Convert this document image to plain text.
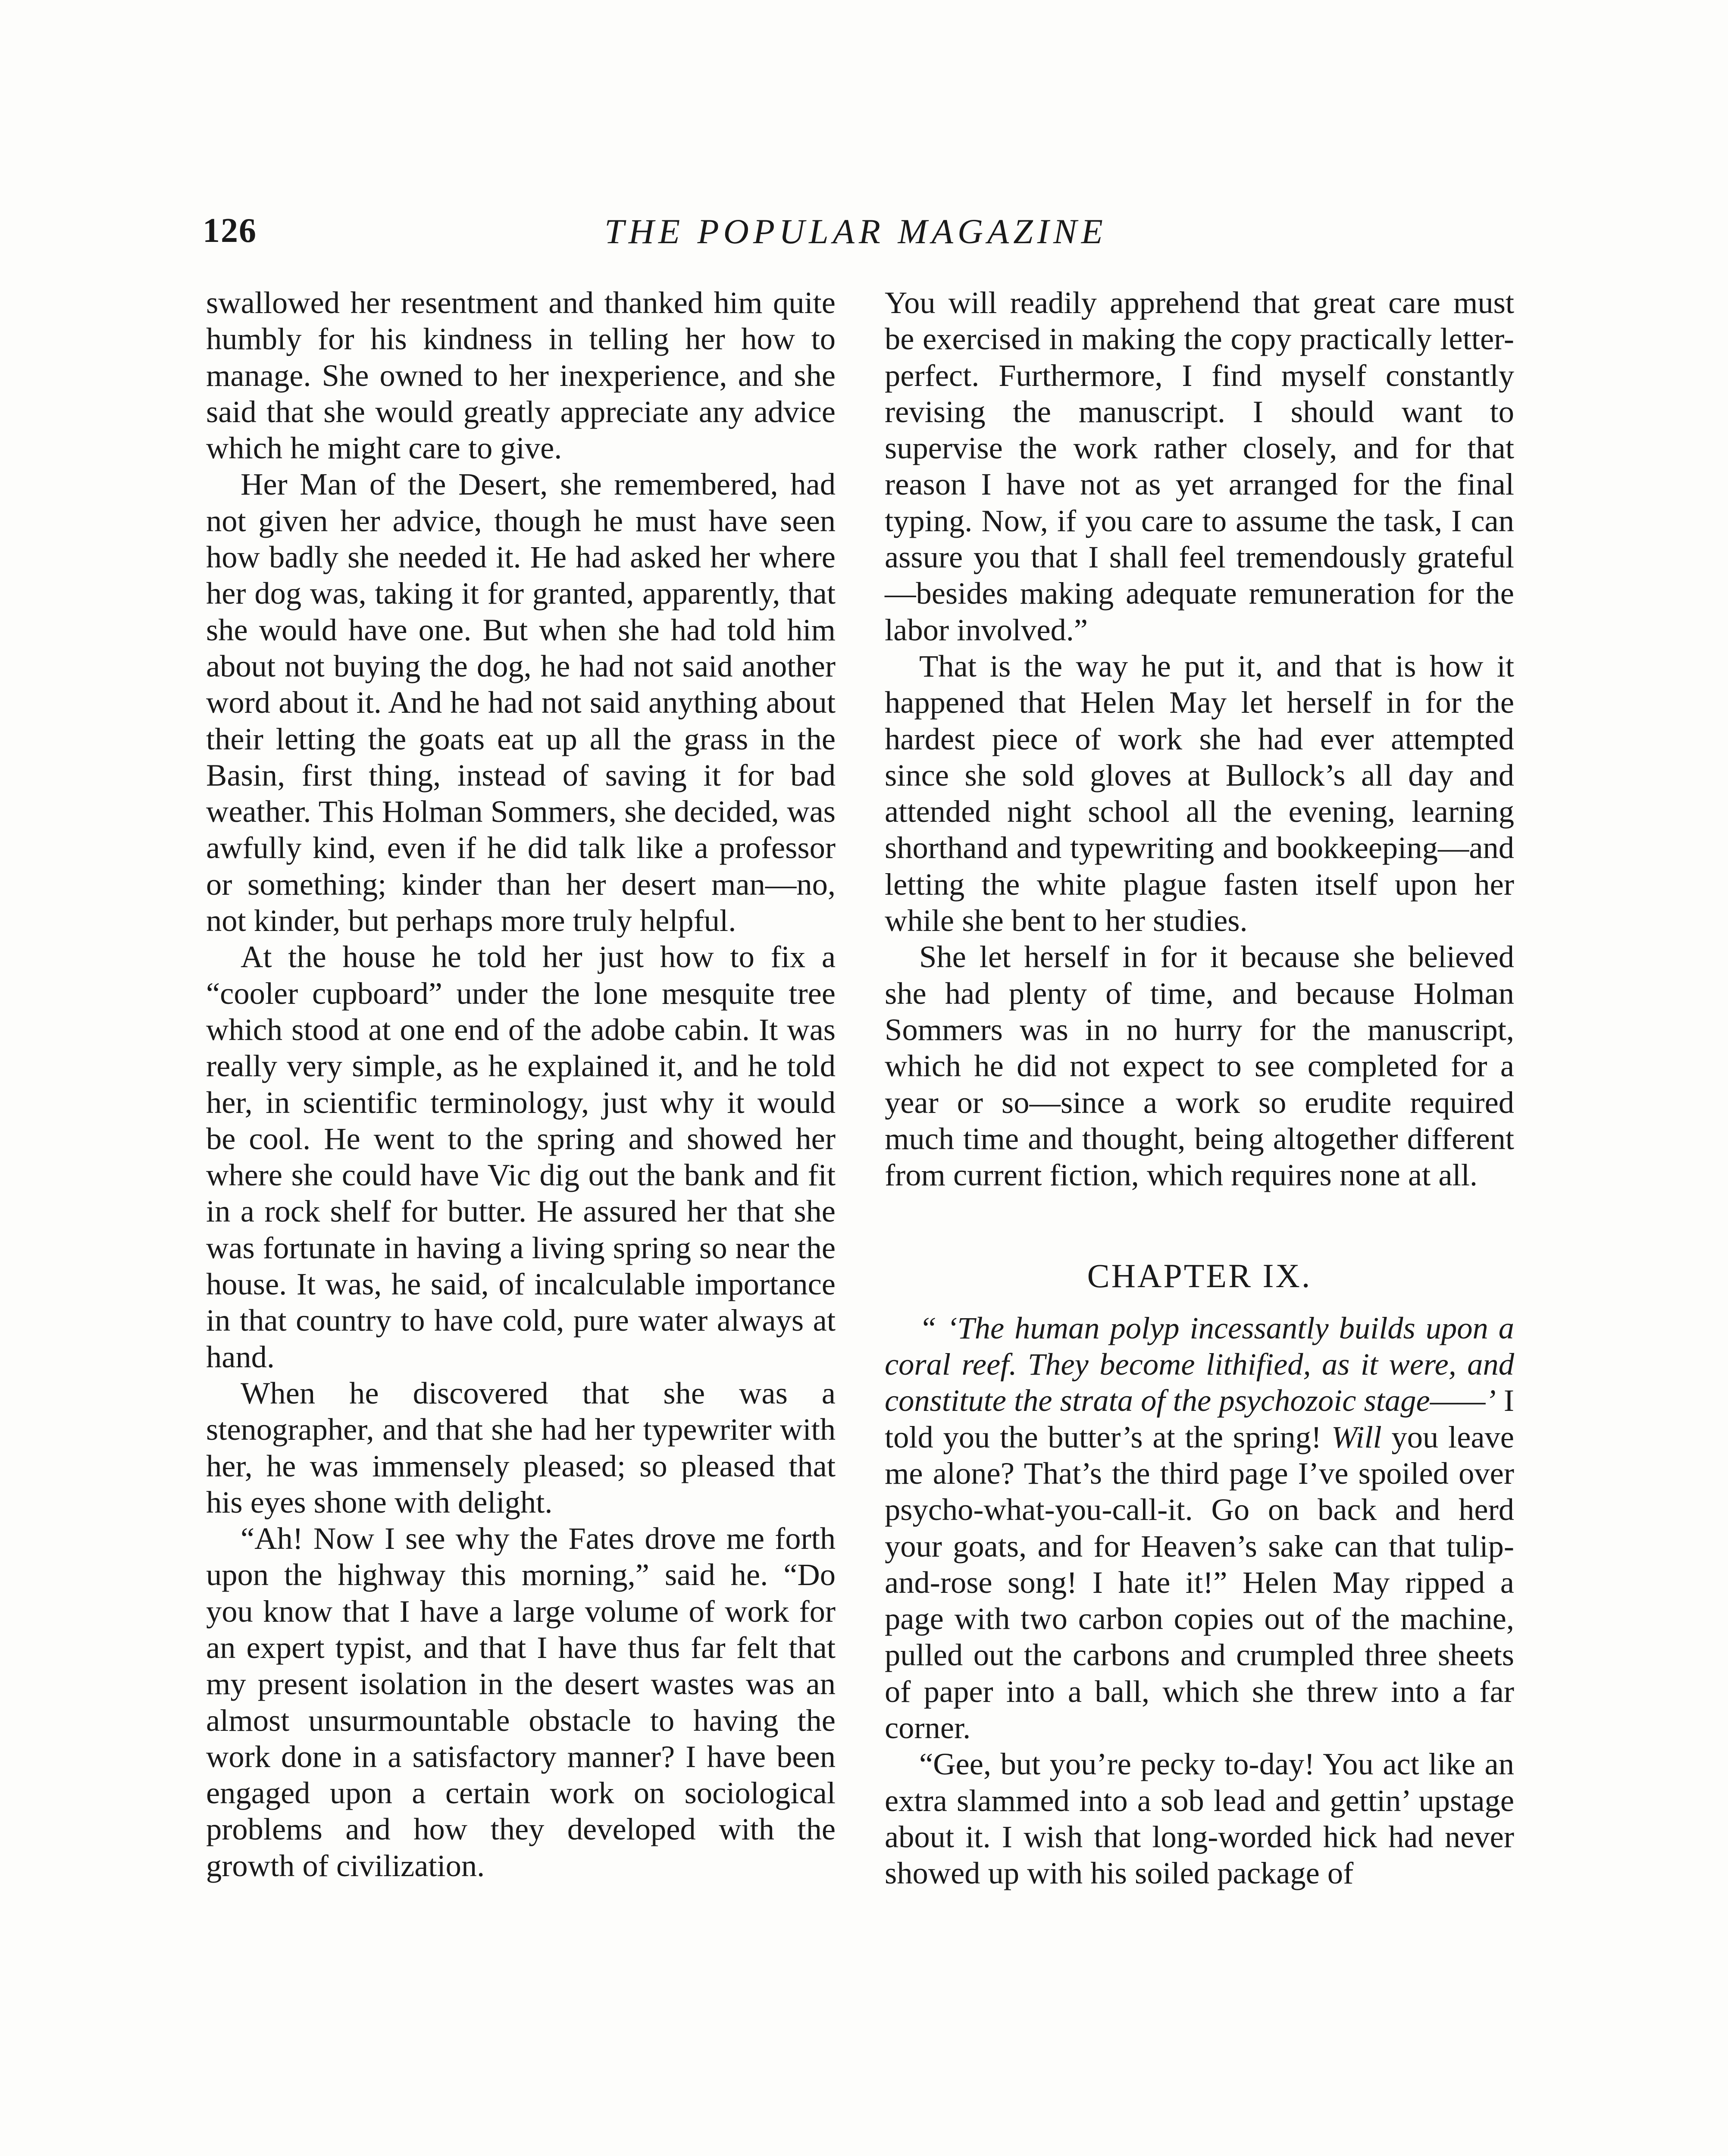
126	THE POPULAR MAGAZINE

swallowed her resentment and thanked him quite humbly for his kindness in telling her how to manage. She owned to her inexperience, and she said that she would greatly appreciate any advice which he might care to give.

Her Man of the Desert, she remembered, had not given her advice, though he must have seen how badly she needed it. He had asked her where her dog was, taking it for granted, apparently, that she would have one. But when she had told him about not buying the dog, he had not said another word about it. And he had not said anything about their letting the goats eat up all the grass in the Basin, first thing, instead of saving it for bad weather. This Holman Sommers, she decided, was awfully kind, even if he did talk like a professor or something; kinder than her desert man—no, not kinder, but perhaps more truly helpful.

At the house he told her just how to fix a “cooler cupboard” under the lone mesquite tree which stood at one end of the adobe cabin. It was really very simple, as he explained it, and he told her, in scientific terminology, just why it would be cool. He went to the spring and showed her where she could have Vic dig out the bank and fit in a rock shelf for butter. He assured her that she was fortunate in having a living spring so near the house. It was, he said, of incalculable importance in that country to have cold, pure water always at hand.

When he discovered that she was a stenographer, and that she had her typewriter with her, he was immensely pleased; so pleased that his eyes shone with delight.

“Ah! Now I see why the Fates drove me forth upon the highway this morning,” said he. “Do you know that I have a large volume of work for an expert typist, and that I have thus far felt that my present isolation in the desert wastes was an almost unsurmountable obstacle to having the work done in a satisfactory manner? I have been engaged upon a certain work on sociological problems and how they developed with the growth of civilization.

You will readily apprehend that great care must be exercised in making the copy practically letter-perfect. Furthermore, I find myself constantly revising the manuscript. I should want to supervise the work rather closely, and for that reason I have not as yet arranged for the final typing. Now, if you care to assume the task, I can assure you that I shall feel tremendously grateful—besides making adequate remuneration for the labor involved.”

That is the way he put it, and that is how it happened that Helen May let herself in for the hardest piece of work she had ever attempted since she sold gloves at Bullock’s all day and attended night school all the evening, learning shorthand and typewriting and bookkeeping—and letting the white plague fasten itself upon her while she bent to her studies.

She let herself in for it because she believed she had plenty of time, and because Holman Sommers was in no hurry for the manuscript, which he did not expect to see completed for a year or so—since a work so erudite required much time and thought, being altogether different from current fiction, which requires none at all.

CHAPTER IX.

“ ‘The human polyp incessantly builds upon a coral reef. They become lithified, as it were, and constitute the strata of the psychozoic stage——’ I told you the butter’s at the spring! Will you leave me alone? That’s the third page I’ve spoiled over psycho-what-you-call-it. Go on back and herd your goats, and for Heaven’s sake can that tulip-and-rose song! I hate it!” Helen May ripped a page with two carbon copies out of the machine, pulled out the carbons and crumpled three sheets of paper into a ball, which she threw into a far corner.

“Gee, but you’re pecky to-day! You act like an extra slammed into a sob lead and gettin’ upstage about it. I wish that long-worded hick had never showed up with his soiled package of
